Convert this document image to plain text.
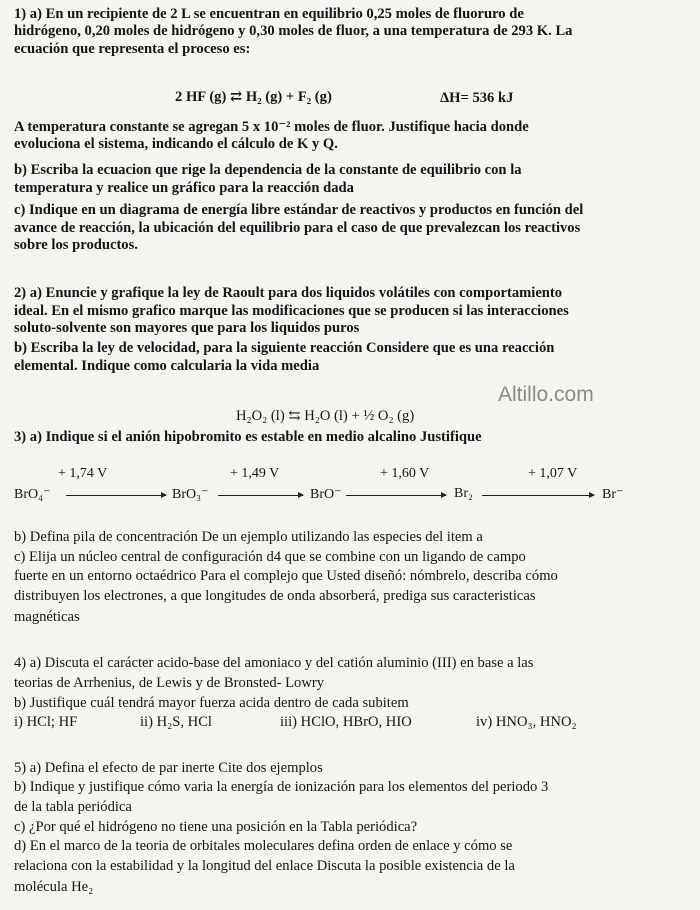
1) a) En un recipiente de 2 L se encuentran en equilibrio 0,25 moles de fluoruro de
hidrógeno, 0,20 moles de hidrógeno y 0,30 moles de fluor, a una temperatura de 293 K. La
ecuación que representa el proceso es:
2 HF (g) ⇄ H₂ (g) + F₂ (g)	ΔH= 536 kJ
A temperatura constante se agregan 5 x 10⁻² moles de fluor. Justifique hacia donde
evoluciona el sistema, indicando el cálculo de K y Q.
b) Escriba la ecuacion que rige la dependencia de la constante de equilibrio con la
temperatura y realice un gráfico para la reacción dada
c) Indique en un diagrama de energía libre estándar de reactivos y productos en función del
avance de reacción, la ubicación del equilibrio para el caso de que prevalezcan los reactivos
sobre los productos.
2) a) Enuncie y grafique la ley de Raoult para dos liquidos volátiles con comportamiento
ideal. En el mismo grafico marque las modificaciones que se producen si las interacciones
soluto-solvente son mayores que para los liquidos puros
b) Escriba la ley de velocidad, para la siguiente reacción Considere que es una reacción
elemental. Indique como calcularia la vida media
Altillo.com
H₂O₂ (l) ⇆ H₂O (l) + ½ O₂ (g)
3) a) Indique si el anión hipobromito es estable en medio alcalino Justifique
+ 1,74 V	+ 1,49 V	+ 1,60 V	+ 1,07 V
BrO₄⁻	BrO₃⁻	BrO⁻	Br₂	Br⁻
b) Defina pila de concentración De un ejemplo utilizando las especies del item a
c) Elija un núcleo central de configuración d4 que se combine con un ligando de campo
fuerte en un entorno octaédrico Para el complejo que Usted diseñó: nómbrelo, describa cómo
distribuyen los electrones, a que longitudes de onda absorberá, prediga sus caracteristicas
magnéticas
4) a) Discuta el carácter acido-base del amoniaco y del catión aluminio (III) en base a las
teorias de Arrhenius, de Lewis y de Bronsted- Lowry
b) Justifique cuál tendrá mayor fuerza acida dentro de cada subitem
i) HCl; HF	ii) H₂S, HCl	iii) HClO, HBrO, HIO	iv) HNO₃, HNO₂
5) a) Defina el efecto de par inerte Cite dos ejemplos
b) Indique y justifique cómo varia la energía de ionización para los elementos del periodo 3
de la tabla periódica
c) ¿Por qué el hidrógeno no tiene una posición en la Tabla periódica?
d) En el marco de la teoria de orbitales moleculares defina orden de enlace y cómo se
relaciona con la estabilidad y la longitud del enlace Discuta la posible existencia de la
molécula He₂
